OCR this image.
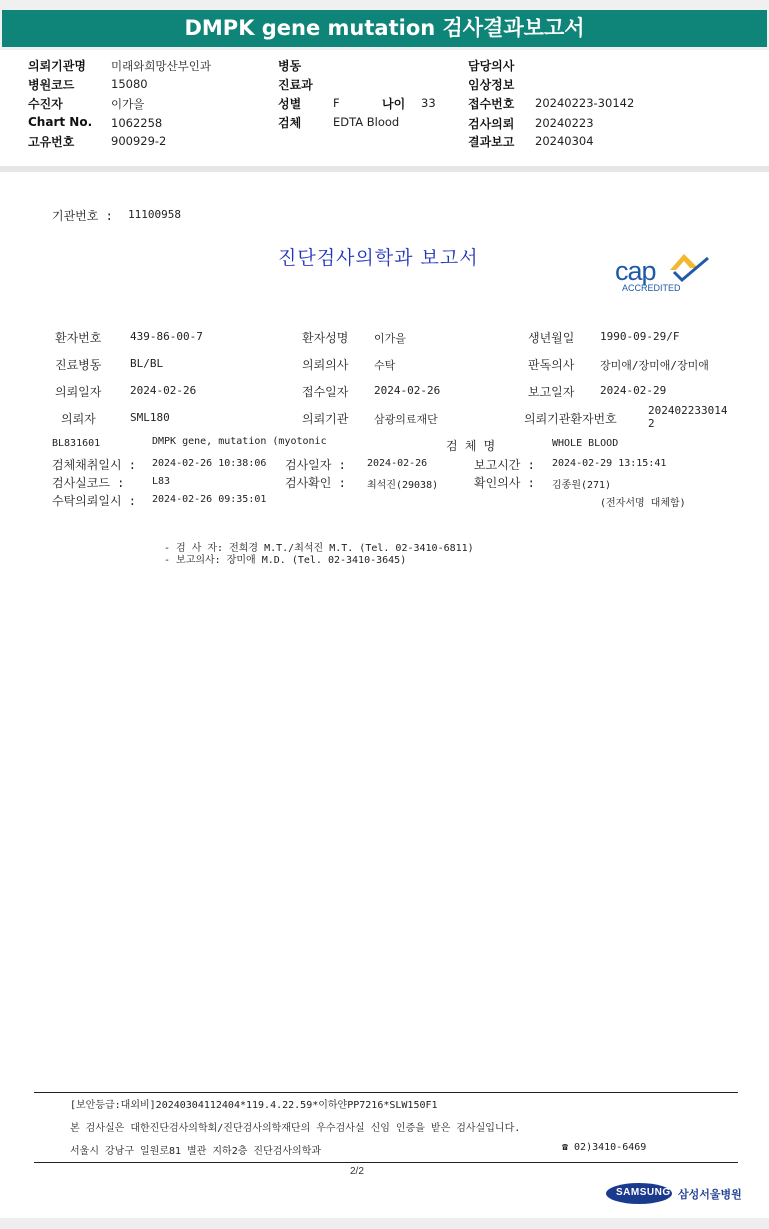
DMPK gene mutation 검사결과보고서
의뢰기관명 미래와희망산부인과
병원코드	15080
수진자	이가을
Chart No. 1062258
고유번호	900929-2
병동
진료과
성별	F	나이 33
검체	EDTA Blood
담당의사
임상정보
접수번호 20240223-30142
검사의뢰 20240223
결과보고 20240304
기관번호 : 11100958
진단검사의학과 보고서	cap
ACCREDITED
환자번호	439-86-00-7	환자성명 이가을	생년월일 1990-09-29/F
진료병동	BL/BL	의뢰의사 수탁	판독의사 장미애/장미애/장미애
의뢰일자	2024-02-26	접수일자 2024-02-26	보고일자 2024-02-29
의뢰자	SML180	의뢰기관 삼광의료재단	의뢰기관환자번호
202402233014
2
BL831601	DMPK gene, mutation (myotonic	검 체 명	WHOLE BLOOD
검체채취일시 : 2024-02-26 10:38:06 검사일자 : 2024-02-26	보고시간 : 2024-02-29 13:15:41
검사실코드 :	L83	검사확인 : 최석진(29038)	확인의사 : 김종원(271)
수탁의뢰일시 : 2024-02-26 09:35:01	(전자서명 대체함)
- 검 사 자: 전희경 M.T./최석진 M.T. (Tel. 02-3410-6811)
- 보고의사: 장미애 M.D. (Tel. 02-3410-3645)
[보안등급:대외비]20240304112404*119.4.22.59*이하얀PP7216*SLW150F1
본 검사실은 대한진단검사의학회/진단검사의학재단의 우수검사실 신임 인증을 받은 검사실입니다.
서울시 강남구 일원로81 별관 지하2층 진단검사의학과	☎ 02)3410-6469
2/2
SAMSUNG 삼성서울병원
